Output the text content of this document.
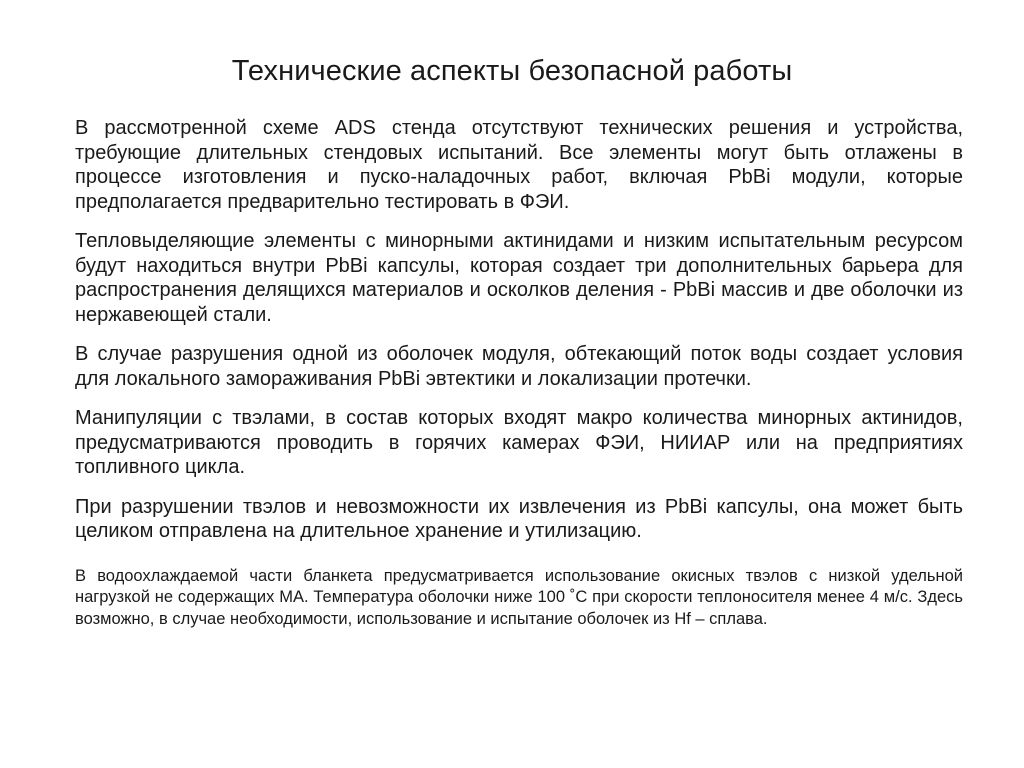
Технические аспекты безопасной работы

В рассмотренной схеме ADS стенда отсутствуют технических решения и устройства, требующие длительных стендовых испытаний. Все элементы могут быть отлажены в процессе изготовления и пуско-наладочных работ, включая PbBi модули, которые предполагается предварительно тестировать в ФЭИ.

Тепловыделяющие элементы с минорными актинидами и низким испытательным ресурсом будут находиться внутри PbBi капсулы, которая создает три дополнительных барьера для распространения делящихся материалов и осколков деления - PbBi массив и две оболочки из нержавеющей стали.

В случае разрушения одной из оболочек модуля, обтекающий поток воды создает условия для локального замораживания PbBi эвтектики и локализации протечки.

Манипуляции с твэлами, в состав которых входят макро количества минорных актинидов, предусматриваются проводить в горячих камерах ФЭИ, НИИАР или на предприятиях топливного цикла.

При разрушении твэлов и невозможности их извлечения из PbBi капсулы, она может быть целиком отправлена на длительное хранение и утилизацию.

В водоохлаждаемой части бланкета предусматривается использование окисных твэлов с низкой удельной нагрузкой не содержащих МА. Температура оболочки ниже 100 ˚С при скорости теплоносителя менее 4 м/с. Здесь возможно, в случае необходимости, использование и испытание оболочек из Hf – сплава.
